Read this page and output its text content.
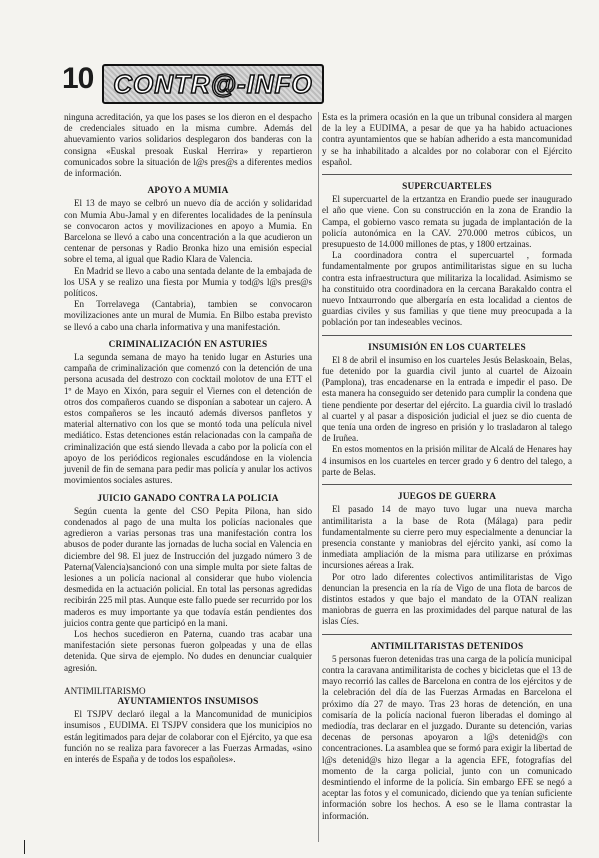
10 CONTR@-INFO

ninguna acreditación, ya que los pases se los dieron en el despacho de credenciales situado en la misma cumbre. Además del ahuevamiento varios solidarios desplegaron dos banderas con la consigna «Euskal presoak Euskal Herrira» y repartieron comunicados sobre la situación de l@s pres@s a diferentes medios de información.

APOYO A MUMIA

El 13 de mayo se celbró un nuevo día de acción y solidaridad con Mumia Abu-Jamal y en diferentes localidades de la península se convocaron actos y movilizaciones en apoyo a Mumia. En Barcelona se llevó a cabo una concentración a la que acudieron un centenar de personas y Radio Bronka hizo una emisión especial sobre el tema, al igual que Radio Klara de Valencia.

En Madrid se llevo a cabo una sentada delante de la embajada de los USA y se realizo una fiesta por Mumia y tod@s l@s pres@s políticos.

En Torrelavega (Cantabria), tambien se convocaron movilizaciones ante un mural de Mumia. En Bilbo estaba previsto se llevó a cabo una charla informativa y una manifestación.

CRIMINALIZACIÓN EN ASTURIES

La segunda semana de mayo ha tenido lugar en Asturies una campaña de criminalización que comenzó con la detención de una persona acusada del destrozo con cocktail molotov de una ETT el 1º de Mayo en Xixón, para seguir el Viernes con el detención de otros dos compañeros cuando se disponían a sabotear un cajero. A estos compañeros se les incautó además diversos panfletos y material alternativo con los que se montó toda una película nivel mediático. Estas detenciones están relacionadas con la campaña de criminalización que está siendo llevada a cabo por la policía con el apoyo de los periódicos regionales escudándose en la violencia juvenil de fin de semana para pedir mas policía y anular los activos movimientos sociales astures.

JUICIO GANADO CONTRA LA POLICIA

Según cuenta la gente del CSO Pepita Pilona, han sido condenados al pago de una multa los policías nacionales que agredieron a varias personas tras una manifestación contra los abusos de poder durante las jornadas de lucha social en Valencia en diciembre del 98. El juez de Instrucción del juzgado número 3 de Paterna(Valencia)sancionó con una simple multa por siete faltas de lesiones a un policía nacional al considerar que hubo violencia desmedida en la actuación policial. En total las personas agredidas recibirán 225 mil ptas. Aunque este fallo puede ser recurrido por los maderos es muy importante ya que todavía están pendientes dos juicios contra gente que participó en la mani.

Los hechos sucedieron en Paterna, cuando tras acabar una manifestación siete personas fueron golpeadas y una de ellas detenida. Que sirva de ejemplo. No dudes en denunciar cualquier agresión.

ANTIMILITARISMO
AYUNTAMIENTOS INSUMISOS

El TSJPV declaró ilegal a la Mancomunidad de municipios insumisos , EUDIMA. El TSJPV considera que los municipios no están legitimados para dejar de colaborar con el Ejército, ya que esa función no se realiza para favorecer a las Fuerzas Armadas, «sino en interés de España y de todos los españoles».

Esta es la primera ocasión en la que un tribunal considera al margen de la ley a EUDIMA, a pesar de que ya ha habido actuaciones contra ayuntamientos que se habían adherido a esta mancomunidad y se ha inhabilitado a alcaldes por no colaborar con el Ejército español.

SUPERCUARTELES

El supercuartel de la ertzantza en Erandio puede ser inaugurado el año que viene. Con su construcción en la zona de Erandio la Campa, el gobierno vasco remata su jugada de implantación de la policía autonómica en la CAV. 270.000 metros cúbicos, un presupuesto de 14.000 millones de ptas, y 1800 ertzainas.

La coordinadora contra el supercuartel , formada fundamentalmente por grupos antimilitaristas sigue en su lucha contra esta infraestructura que militariza la localidad. Asimismo se ha constituido otra coordinadora en la cercana Barakaldo contra el nuevo Intxaurrondo que albergaría en esta localidad a cientos de guardias civiles y sus familias y que tiene muy preocupada a la población por tan indeseables vecinos.

INSUMISIÓN EN LOS CUARTELES

El 8 de abril el insumiso en los cuarteles Jesús Belaskoain, Belas, fue detenido por la guardia civil junto al cuartel de Aizoain (Pamplona), tras encadenarse en la entrada e impedir el paso. De esta manera ha conseguido ser detenido para cumplir la condena que tiene pendiente por desertar del ejército. La guardia civil lo trasladó al cuartel y al pasar a disposición judicial el juez se dio cuenta de que tenía una orden de ingreso en prisión y lo trasladaron al talego de Iruñea.

En estos momentos en la prisión militar de Alcalá de Henares hay 4 insumisos en los cuarteles en tercer grado y 6 dentro del talego, a parte de Belas.

JUEGOS DE GUERRA

El pasado 14 de mayo tuvo lugar una nueva marcha antimilitarista a la base de Rota (Málaga) para pedir fundamentalmente su cierre pero muy especialmente a denunciar la presencia constante y maniobras del ejército yanki, así como la inmediata ampliación de la misma para utilizarse en próximas incursiones aéreas a Irak.

Por otro lado diferentes colectivos antimilitaristas de Vigo denuncian la presencia en la ría de Vigo de una flota de barcos de distintos estados y que bajo el mandato de la OTAN realizan maniobras de guerra en las proximidades del parque natural de las islas Cíes.

ANTIMILITARISTAS DETENIDOS

5 personas fueron detenidas tras una carga de la policía municipal contra la caravana antimilitarista de coches y bicicletas que el 13 de mayo recorrió las calles de Barcelona en contra de los ejércitos y de la celebración del día de las Fuerzas Armadas en Barcelona el próximo día 27 de mayo. Tras 23 horas de detención, en una comisaría de la policía nacional fueron liberadas el domingo al mediodía, tras declarar en el juzgado. Durante su detención, varias decenas de personas apoyaron a l@s detenid@s con concentraciones. La asamblea que se formó para exigir la libertad de l@s detenid@s hizo llegar a la agencia EFE, fotografías del momento de la carga policial, junto con un comunicado desmintiendo el informe de la policía. Sin embargo EFE se negó a aceptar las fotos y el comunicado, diciendo que ya tenían suficiente información sobre los hechos. A eso se le llama contrastar la información.
